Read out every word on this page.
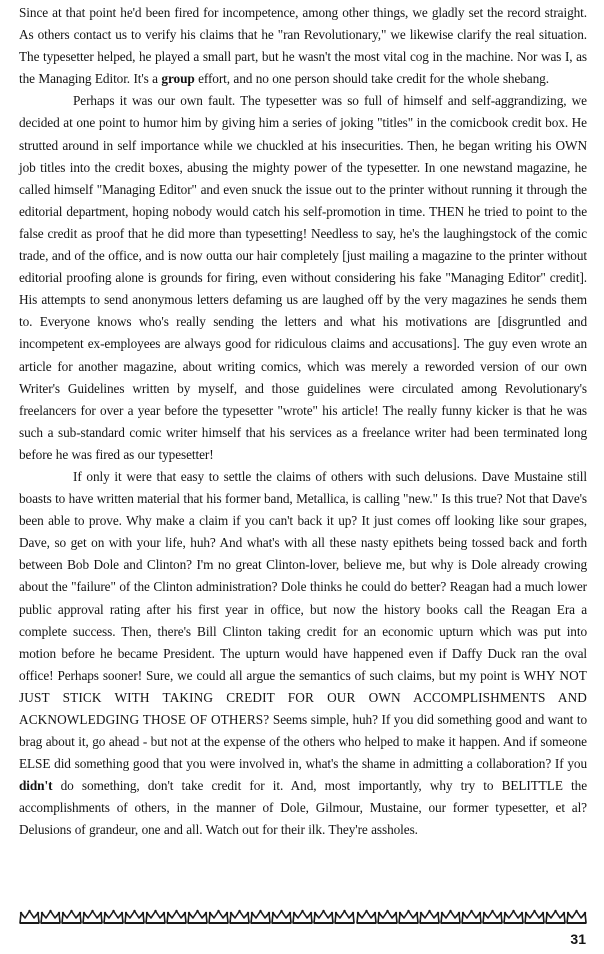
Since at that point he'd been fired for incompetence, among other things, we gladly set the record straight. As others contact us to verify his claims that he "ran Revolutionary," we likewise clarify the real situation. The typesetter helped, he played a small part, but he wasn't the most vital cog in the machine. Nor was I, as the Managing Editor. It's a group effort, and no one person should take credit for the whole shebang.

Perhaps it was our own fault. The typesetter was so full of himself and self-aggrandizing, we decided at one point to humor him by giving him a series of joking "titles" in the comicbook credit box. He strutted around in self importance while we chuckled at his insecurities. Then, he began writing his OWN job titles into the credit boxes, abusing the mighty power of the typesetter. In one newstand magazine, he called himself "Managing Editor" and even snuck the issue out to the printer without running it through the editorial department, hoping nobody would catch his self-promotion in time. THEN he tried to point to the false credit as proof that he did more than typesetting! Needless to say, he's the laughingstock of the comic trade, and of the office, and is now outta our hair completely [just mailing a magazine to the printer without editorial proofing alone is grounds for firing, even without considering his fake "Managing Editor" credit]. His attempts to send anonymous letters defaming us are laughed off by the very magazines he sends them to. Everyone knows who's really sending the letters and what his motivations are [disgruntled and incompetent ex-employees are always good for ridiculous claims and accusations]. The guy even wrote an article for another magazine, about writing comics, which was merely a reworded version of our own Writer's Guidelines written by myself, and those guidelines were circulated among Revolutionary's freelancers for over a year before the typesetter "wrote" his article! The really funny kicker is that he was such a sub-standard comic writer himself that his services as a freelance writer had been terminated long before he was fired as our typesetter!

If only it were that easy to settle the claims of others with such delusions. Dave Mustaine still boasts to have written material that his former band, Metallica, is calling "new." Is this true? Not that Dave's been able to prove. Why make a claim if you can't back it up? It just comes off looking like sour grapes, Dave, so get on with your life, huh? And what's with all these nasty epithets being tossed back and forth between Bob Dole and Clinton? I'm no great Clinton-lover, believe me, but why is Dole already crowing about the "failure" of the Clinton administration? Dole thinks he could do better? Reagan had a much lower public approval rating after his first year in office, but now the history books call the Reagan Era a complete success. Then, there's Bill Clinton taking credit for an economic upturn which was put into motion before he became President. The upturn would have happened even if Daffy Duck ran the oval office! Perhaps sooner! Sure, we could all argue the semantics of such claims, but my point is WHY NOT JUST STICK WITH TAKING CREDIT FOR OUR OWN ACCOMPLISHMENTS AND ACKNOWLEDGING THOSE OF OTHERS? Seems simple, huh? If you did something good and want to brag about it, go ahead - but not at the expense of the others who helped to make it happen. And if someone ELSE did something good that you were involved in, what's the shame in admitting a collaboration? If you didn't do something, don't take credit for it. And, most importantly, why try to BELITTLE the accomplishments of others, in the manner of Dole, Gilmour, Mustaine, our former typesetter, et al? Delusions of grandeur, one and all. Watch out for their ilk. They're assholes.

31
